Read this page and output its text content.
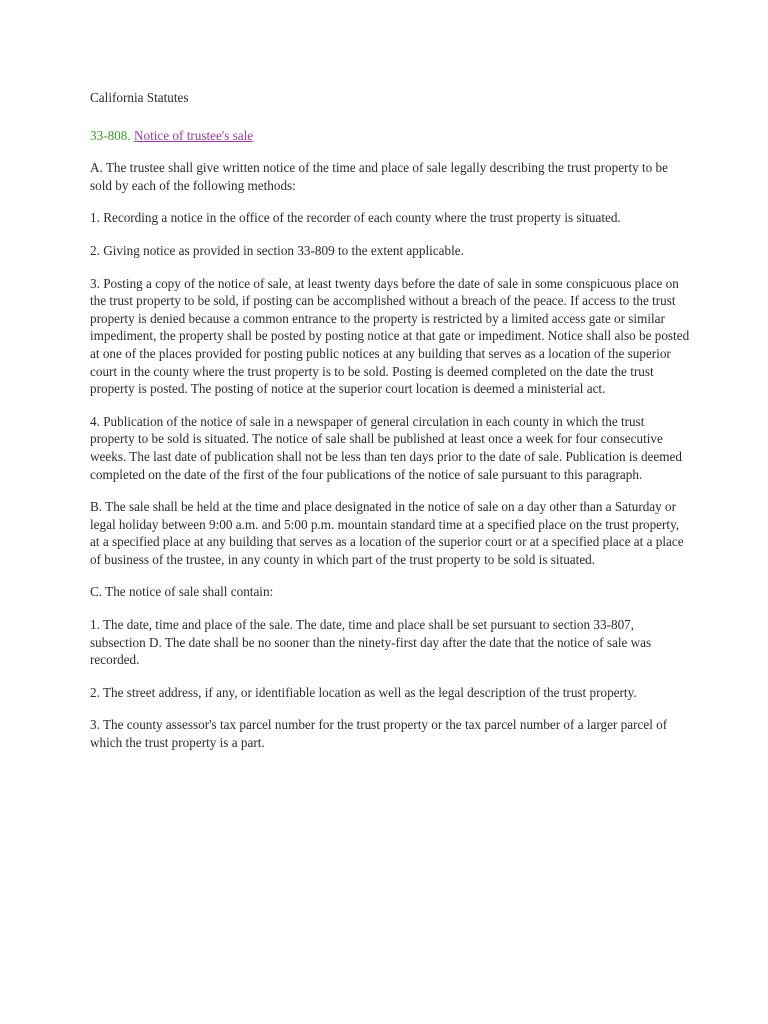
California Statutes

33-808. Notice of trustee's sale

A. The trustee shall give written notice of the time and place of sale legally describing the trust property to be sold by each of the following methods:

1. Recording a notice in the office of the recorder of each county where the trust property is situated.

2. Giving notice as provided in section 33-809 to the extent applicable.

3. Posting a copy of the notice of sale, at least twenty days before the date of sale in some conspicuous place on the trust property to be sold, if posting can be accomplished without a breach of the peace. If access to the trust property is denied because a common entrance to the property is restricted by a limited access gate or similar impediment, the property shall be posted by posting notice at that gate or impediment. Notice shall also be posted at one of the places provided for posting public notices at any building that serves as a location of the superior court in the county where the trust property is to be sold. Posting is deemed completed on the date the trust property is posted. The posting of notice at the superior court location is deemed a ministerial act.

4. Publication of the notice of sale in a newspaper of general circulation in each county in which the trust property to be sold is situated. The notice of sale shall be published at least once a week for four consecutive weeks. The last date of publication shall not be less than ten days prior to the date of sale. Publication is deemed completed on the date of the first of the four publications of the notice of sale pursuant to this paragraph.

B. The sale shall be held at the time and place designated in the notice of sale on a day other than a Saturday or legal holiday between 9:00 a.m. and 5:00 p.m. mountain standard time at a specified place on the trust property, at a specified place at any building that serves as a location of the superior court or at a specified place at a place of business of the trustee, in any county in which part of the trust property to be sold is situated.

C. The notice of sale shall contain:

1. The date, time and place of the sale. The date, time and place shall be set pursuant to section 33-807, subsection D. The date shall be no sooner than the ninety-first day after the date that the notice of sale was recorded.

2. The street address, if any, or identifiable location as well as the legal description of the trust property.

3. The county assessor's tax parcel number for the trust property or the tax parcel number of a larger parcel of which the trust property is a part.
